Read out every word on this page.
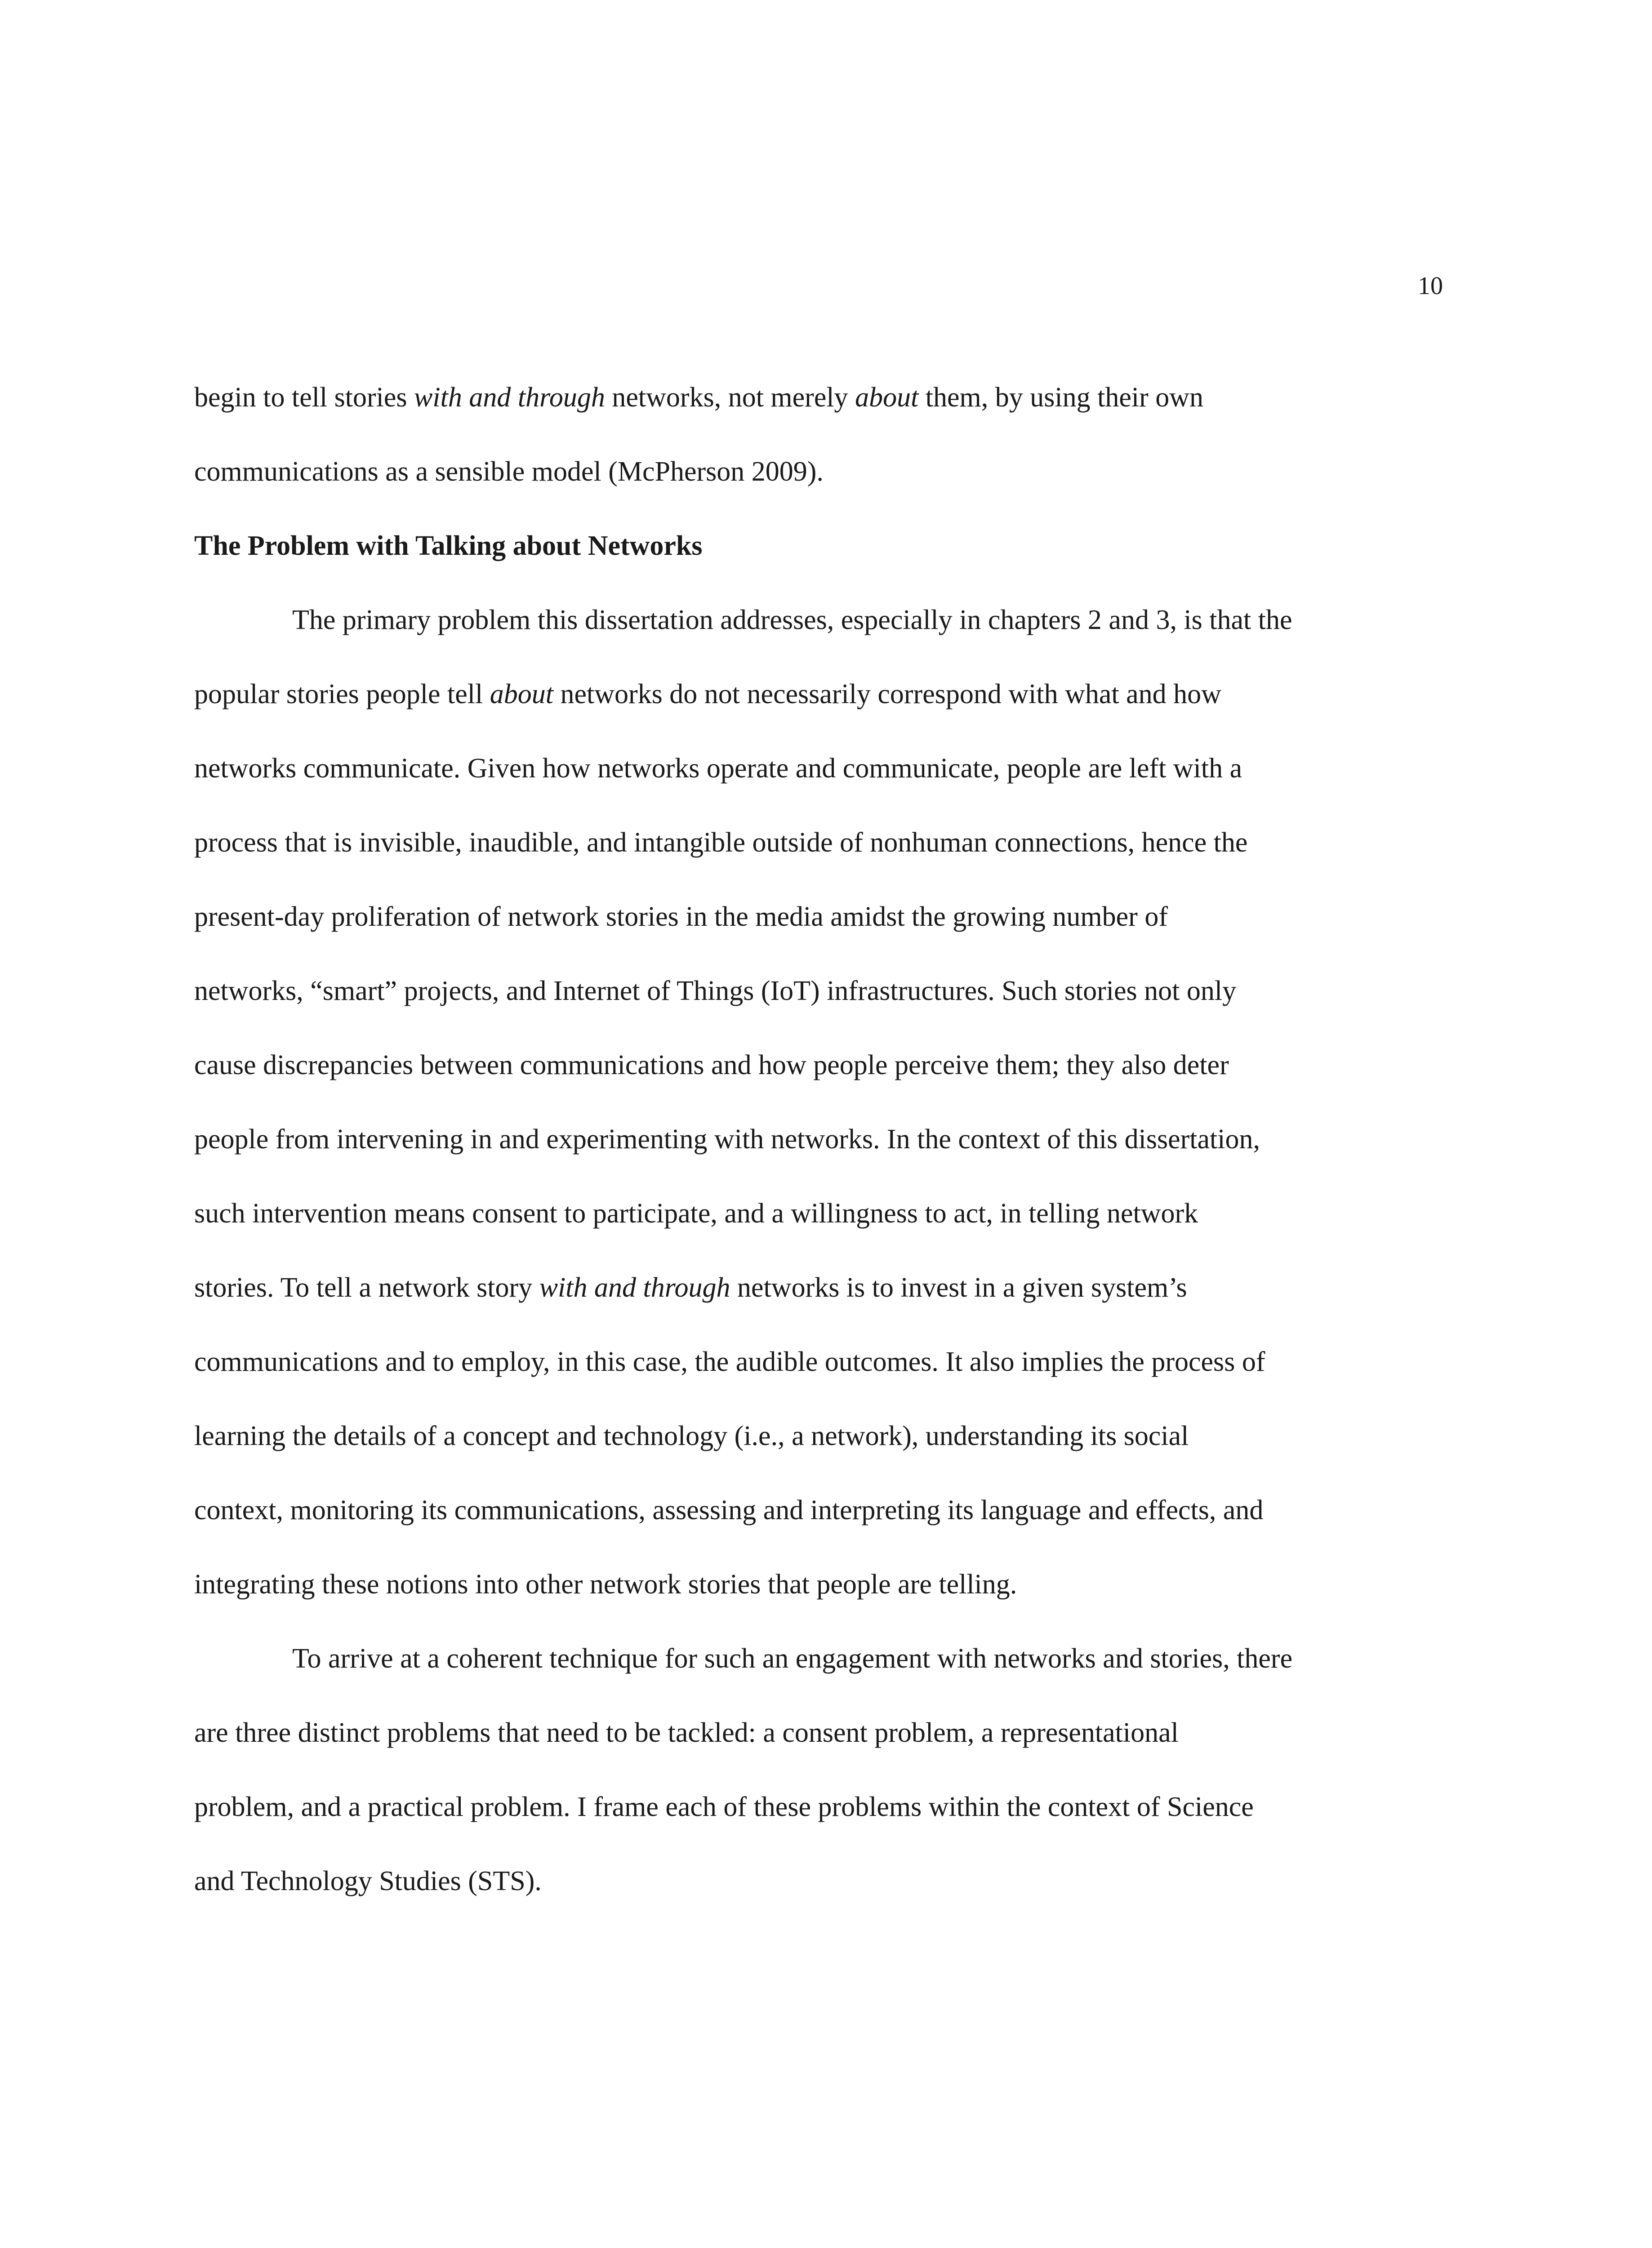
10

begin to tell stories with and through networks, not merely about them, by using their own

communications as a sensible model (McPherson 2009).

The Problem with Talking about Networks

The primary problem this dissertation addresses, especially in chapters 2 and 3, is that the

popular stories people tell about networks do not necessarily correspond with what and how

networks communicate. Given how networks operate and communicate, people are left with a

process that is invisible, inaudible, and intangible outside of nonhuman connections, hence the

present-day proliferation of network stories in the media amidst the growing number of

networks, “smart” projects, and Internet of Things (IoT) infrastructures. Such stories not only

cause discrepancies between communications and how people perceive them; they also deter

people from intervening in and experimenting with networks. In the context of this dissertation,

such intervention means consent to participate, and a willingness to act, in telling network

stories. To tell a network story with and through networks is to invest in a given system’s

communications and to employ, in this case, the audible outcomes. It also implies the process of

learning the details of a concept and technology (i.e., a network), understanding its social

context, monitoring its communications, assessing and interpreting its language and effects, and

integrating these notions into other network stories that people are telling.

To arrive at a coherent technique for such an engagement with networks and stories, there

are three distinct problems that need to be tackled: a consent problem, a representational

problem, and a practical problem. I frame each of these problems within the context of Science

and Technology Studies (STS).
